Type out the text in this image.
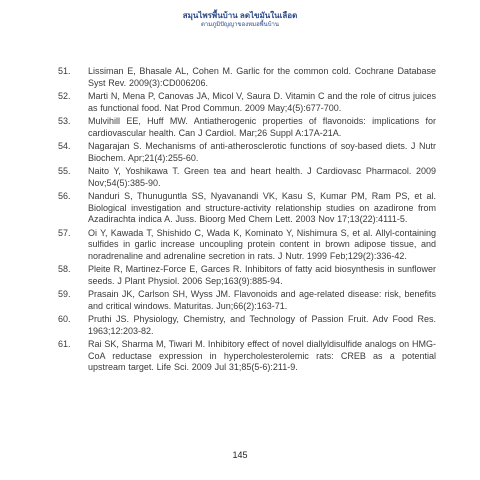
สมุนไพรพื้นบ้าน ลดไขมันในเลือด
ตามภูมิปัญญาของหมอพื้นบ้าน
51.	Lissiman E, Bhasale AL, Cohen M. Garlic for the common cold. Cochrane Database Syst Rev. 2009(3):CD006206.
52.	Marti N, Mena P, Canovas JA, Micol V, Saura D. Vitamin C and the role of citrus juices as functional food. Nat Prod Commun. 2009 May;4(5):677-700.
53.	Mulvihill EE, Huff MW. Antiatherogenic properties of flavonoids: implications for cardiovascular health. Can J Cardiol. Mar;26 Suppl A:17A-21A.
54.	Nagarajan S. Mechanisms of anti-atherosclerotic functions of soy-based diets. J Nutr Biochem. Apr;21(4):255-60.
55.	Naito Y, Yoshikawa T. Green tea and heart health. J Cardiovasc Pharmacol. 2009 Nov;54(5):385-90.
56.	Nanduri S, Thunuguntla SS, Nyavanandi VK, Kasu S, Kumar PM, Ram PS, et al. Biological investigation and structure-activity relationship studies on azadirone from Azadirachta indica A. Juss. Bioorg Med Chem Lett. 2003 Nov 17;13(22):4111-5.
57.	Oi Y, Kawada T, Shishido C, Wada K, Kominato Y, Nishimura S, et al. Allyl-containing sulfides in garlic increase uncoupling protein content in brown adipose tissue, and noradrenaline and adrenaline secretion in rats. J Nutr. 1999 Feb;129(2):336-42.
58.	Pleite R, Martinez-Force E, Garces R. Inhibitors of fatty acid biosynthesis in sunflower seeds. J Plant Physiol. 2006 Sep;163(9):885-94.
59.	Prasain JK, Carlson SH, Wyss JM. Flavonoids and age-related disease: risk, benefits and critical windows. Maturitas. Jun;66(2):163-71.
60.	Pruthi JS. Physiology, Chemistry, and Technology of Passion Fruit. Adv Food Res. 1963;12:203-82.
61.	Rai SK, Sharma M, Tiwari M. Inhibitory effect of novel diallyldisulfide analogs on HMG-CoA reductase expression in hypercholesterolemic rats: CREB as a potential upstream target. Life Sci. 2009 Jul 31;85(5-6):211-9.
145
